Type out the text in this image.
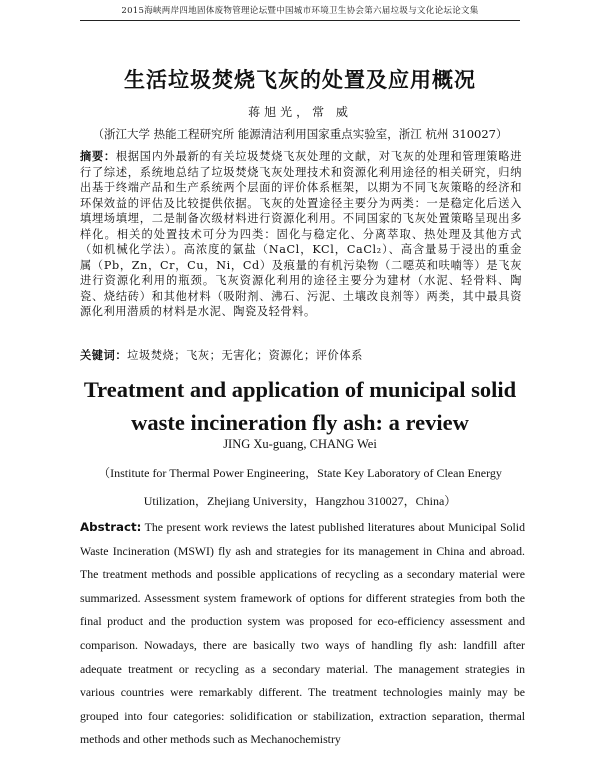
2015海峡两岸四地固体废物管理论坛暨中国城市环境卫生协会第六届垃圾与文化论坛论文集
生活垃圾焚烧飞灰的处置及应用概况
蒋旭光，常 威
（浙江大学 热能工程研究所 能源清洁利用国家重点实验室，浙江 杭州 310027）
摘要：根据国内外最新的有关垃圾焚烧飞灰处理的文献，对飞灰的处理和管理策略进行了综述，系统地总结了垃圾焚烧飞灰处理技术和资源化利用途径的相关研究，归纳出基于终端产品和生产系统两个层面的评价体系框架，以期为不同飞灰策略的经济和环保效益的评估及比较提供依据。飞灰的处置途径主要分为两类：一是稳定化后送入填埋场填埋，二是制备次级材料进行资源化利用。不同国家的飞灰处置策略呈现出多样化。相关的处置技术可分为四类：固化与稳定化、分离萃取、热处理及其他方式（如机械化学法）。高浓度的氯盐（NaCl，KCl，CaCl₂）、高含量易于浸出的重金属（Pb，Zn，Cr，Cu，Ni，Cd）及痕量的有机污染物（二噁英和呋喃等）是飞灰进行资源化利用的瓶颈。飞灰资源化利用的途径主要分为建材（水泥、轻骨料、陶瓷、烧结砖）和其他材料（吸附剂、沸石、污泥、土壤改良剂等）两类，其中最具资源化利用潜质的材料是水泥、陶瓷及轻骨料。
关键词：垃圾焚烧；飞灰；无害化；资源化；评价体系
Treatment and application of municipal solid waste incineration fly ash: a review
JING Xu-guang, CHANG Wei
（Institute for Thermal Power Engineering，State Key Laboratory of Clean Energy Utilization，Zhejiang University，Hangzhou 310027，China）
Abstract: The present work reviews the latest published literatures about Municipal Solid Waste Incineration (MSWI) fly ash and strategies for its management in China and abroad. The treatment methods and possible applications of recycling as a secondary material were summarized. Assessment system framework of options for different strategies from both the final product and the production system was proposed for eco-efficiency assessment and comparison. Nowadays, there are basically two ways of handling fly ash: landfill after adequate treatment or recycling as a secondary material. The management strategies in various countries were remarkably different. The treatment technologies mainly may be grouped into four categories: solidification or stabilization, extraction separation, thermal methods and other methods such as Mechanochemistry
